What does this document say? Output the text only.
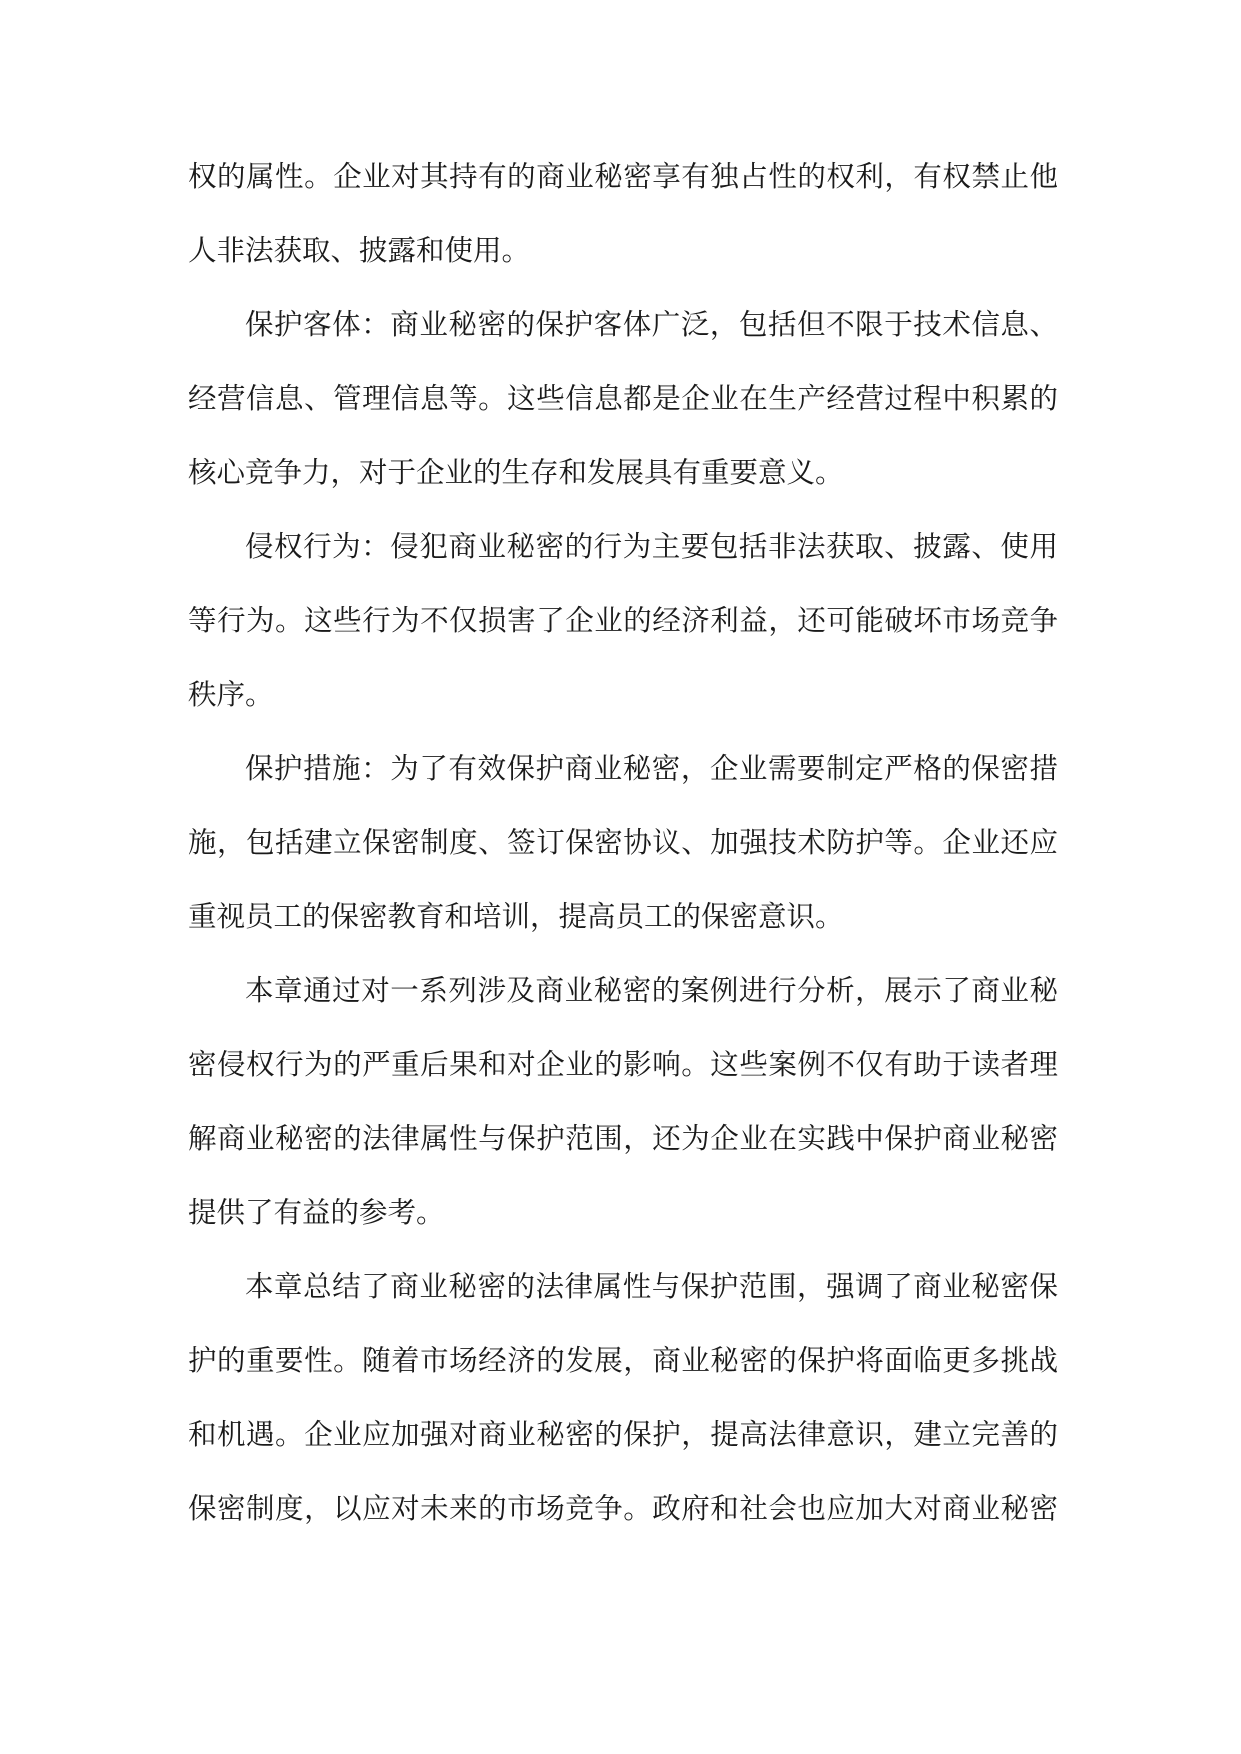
权的属性。企业对其持有的商业秘密享有独占性的权利，有权禁止他
人非法获取、披露和使用。
保护客体：商业秘密的保护客体广泛，包括但不限于技术信息、
经营信息、管理信息等。这些信息都是企业在生产经营过程中积累的
核心竞争力，对于企业的生存和发展具有重要意义。
侵权行为：侵犯商业秘密的行为主要包括非法获取、披露、使用
等行为。这些行为不仅损害了企业的经济利益，还可能破坏市场竞争
秩序。
保护措施：为了有效保护商业秘密，企业需要制定严格的保密措
施，包括建立保密制度、签订保密协议、加强技术防护等。企业还应
重视员工的保密教育和培训，提高员工的保密意识。
本章通过对一系列涉及商业秘密的案例进行分析，展示了商业秘
密侵权行为的严重后果和对企业的影响。这些案例不仅有助于读者理
解商业秘密的法律属性与保护范围，还为企业在实践中保护商业秘密
提供了有益的参考。
本章总结了商业秘密的法律属性与保护范围，强调了商业秘密保
护的重要性。随着市场经济的发展，商业秘密的保护将面临更多挑战
和机遇。企业应加强对商业秘密的保护，提高法律意识，建立完善的
保密制度，以应对未来的市场竞争。政府和社会也应加大对商业秘密
